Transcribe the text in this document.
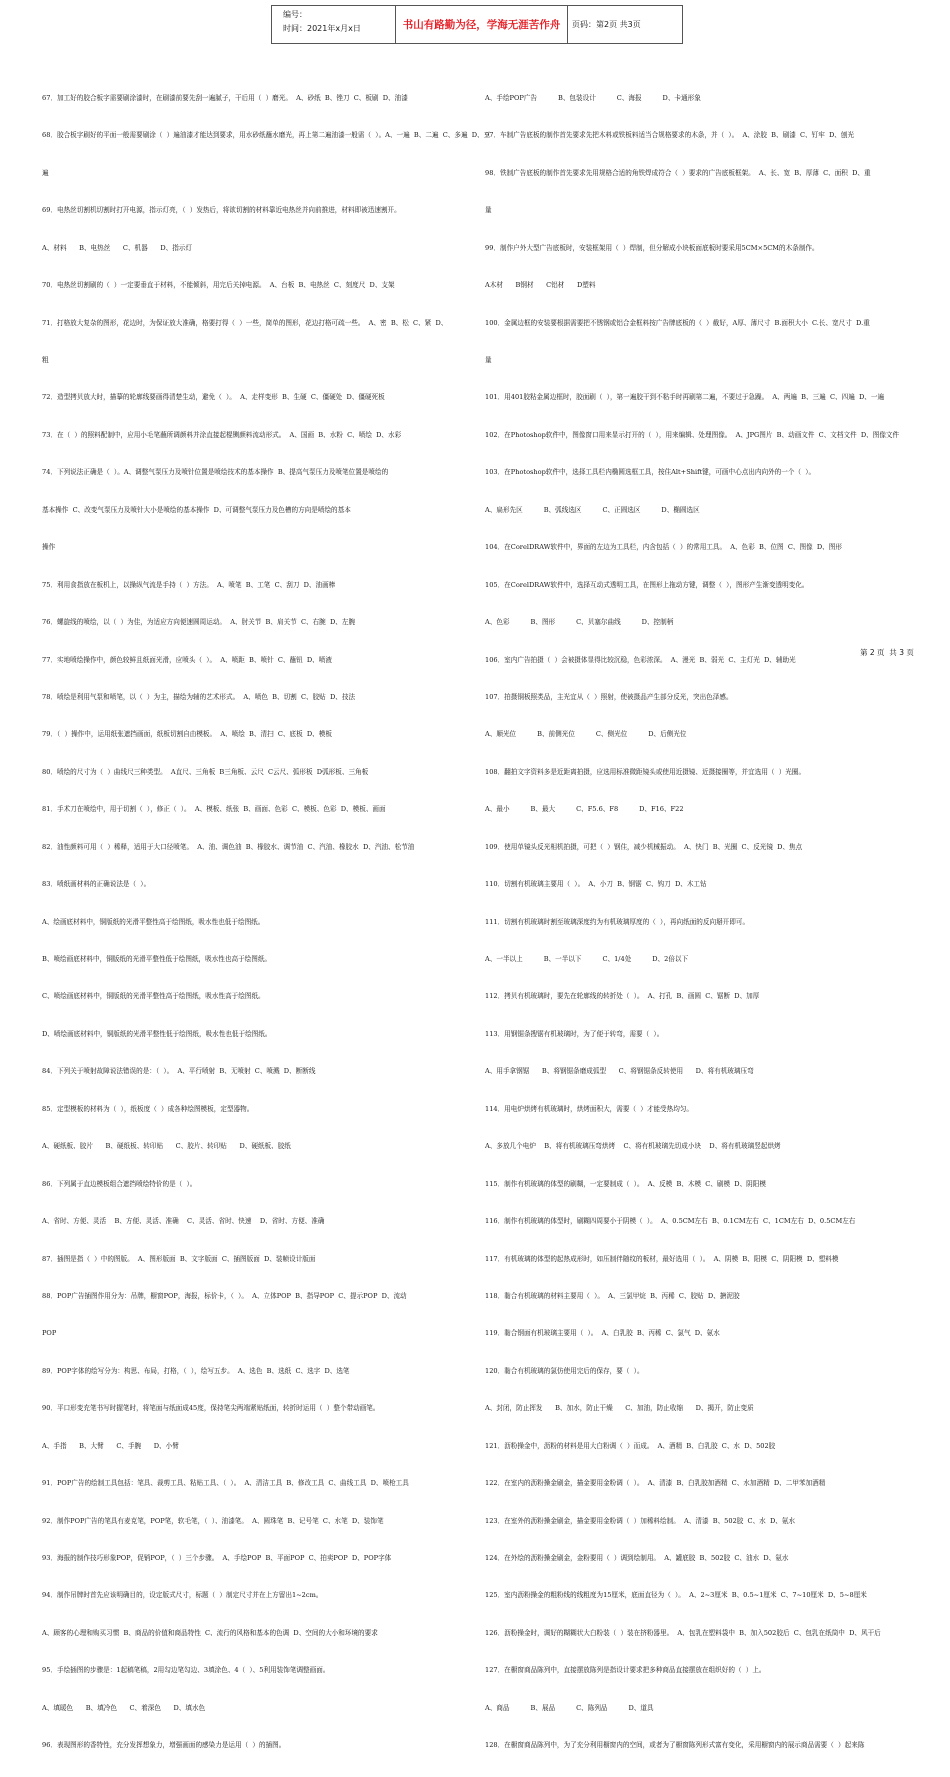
编号：
时间：2021年x月x日	书山有路勤为径，学海无涯苦作舟	页码：第2页 共3页

67．加工好的胶合板字需要刷涂漆时，在刷漆前要先刮一遍腻子，干后用（  ）磨光。  A、砂纸  B、锉刀  C、板刷  D、油漆

68．胶合板字刷好的平面一般需要刷涂（  ）遍油漆才能达到要求，用水砂纸蘸水磨光，再上第二遍油漆一般需（  ）。A、一遍  B、二遍  C、多遍  D、三

遍

69．电热丝切割机切割时打开电源，指示灯亮，（  ）发热后，将欲切割的材料靠近电热丝并向前推进，材料即被迅速割开。

A、材料      B、电热丝      C、机器      D、指示灯

70．电热丝切割刷的（  ）一定要垂直于材料，不能倾斜，用完后关掉电源。  A、台板  B、电热丝  C、刻度尺  D、支架

71．打格放大复杂的图形，花边时，为保证放大准确，格要打得（  ）一些，简单的图形，花边打格可疏一些。  A、密  B、松  C、紧  D、

粗

72．造型拷贝放大时，描摹的轮廓线要画得清楚生动，避免（  ）。  A、走样变形  B、生硬  C、僵硬处  D、僵硬死板

73．在（  ）的照料配制中，应用小毛笔蘸所调颜料并涂直接起棍铡颜料流动形式。  A、国画  B、水粉  C、喷绘  D、水彩

74．下列说法正确是（  ）。A、调整气泵压力及喷针位置是喷绘技术的基本操作  B、提高气泵压力及喷笔位置是喷绘的

基本操作  C、改变气泵压力及喷针大小是喷绘的基本操作  D、可调整气泵压力及色槽的方向是喷绘的基本

操作

75．利用食指放在板机上，以操纵气流是手持（  ）方法。  A、喷笔  B、工笔  C、刮刀  D、油画棒

76．螺旋线的喷绘，以（  ）为佳，为适应方向便速圆周运动。  A、肘关节  B、肩关节  C、右腕  D、左腕

77．实地喷绘操作中，颜色较鲜且纸面光滑，应喷头（  ）。  A、喷距  B、喷针  C、蘸钮  D、喷液

78．喷绘是利用气泵和喷笔，以（  ）为主，描绘为辅的艺术形式。  A、喷色  B、切割  C、胶贴  D、技法

79．（  ）操作中，运用纸张遮挡画面，纸板切割自由模板。  A、喷绘  B、清扫  C、底板  D、模板

80．喷绘的尺寸为（  ）曲线尺三种类型。  A直尺、三角板  B三角板、云尺  C云尺、弧形板  D弧形板、三角板

81．手术刀在喷绘中，用于切割（  ），修正（  ）。  A、模板、纸张  B、画面、色彩  C、模板、色彩  D、模板、画面

82．油性颜料可用（  ）稀释，适用于大口径喷笔。  A、油、调色油  B、橡胶水、调节油  C、汽油、橡胶水  D、汽油、松节油

83．喷纸画材料的正确说法是（  ）。

A、绘画底材料中，铜版纸的光滑平整性高于绘图纸，吸水性也低于绘图纸。

B、喷绘画底材料中，铜版纸的光滑平整性低于绘图纸，吸水性也高于绘图纸。

C、喷绘画底材料中，铜版纸的光滑平整性高于绘图纸，吸水性高于绘图纸。

D、喷绘画底材料中，铜版纸的光滑平整性低于绘图纸，吸水性也低于绘图纸。

84．下列关于喷射故障说法错误的是：（  ）。  A、平行喷射  B、无喷射  C、喷溅  D、断断线

85．定型模板的材料为（  ），纸板度（  ）成各种绘图模板，定型器物。

A、硬纸板、胶片      B、硬纸板、转印贴      C、胶片、转印贴      D、硬纸板、胶纸

86．下列属于直边模板组合遮挡喷绘特价的是（  ）。

A、省时、方便、灵活    B、方便、灵活、准确    C、灵活、省时、快速    D、省时、方便、准确

87．插图是指（  ）中的图版。  A、图形版面  B、文字版面  C、插图版面  D、装帧设计版面

88．POP广告插图作用分为：吊牌，橱窗POP，海报，标价卡，（  ）。  A、立体POP  B、指导POP  C、提示POP  D、流动

POP

89．POP字体的绘写分为：构思、布局，打格，（  ），绘写五步。  A、选色  B、选纸  C、选字  D、选笔

90．平口形变充笔书写时握笔时，将笔面与纸面成45度，保持笔尖两端紧贴纸面，转折时运用（  ）整个带动画笔。

A、手指      B、大臂      C、手腕      D、小臂

91．POP广告的绘制工具包括：笔具、裁剪工具、粘贴工具、（  ）。  A、清洁工具  B、修改工具  C、曲线工具  D、喷枪工具

92．制作POP广告的笔具有麦克笔，POP笔，软毛笔，（  ）、油漆笔。  A、圆珠笔  B、记号笔  C、水笔  D、装饰笔

93．海报的制作技巧形象POP，促销POP，（  ）三个步骤。  A、手绘POP  B、平面POP  C、拍卖POP  D、POP字体

94．制作吊牌时首先应该明确目的，设定版式尺寸，标题（  ）制定尺寸并在上方留出1~2cm。

A、顾客的心理和购买习惯  B、商品的价值和商品特性  C、流行的风格和基本的色调  D、空间的大小和环境的要求

95．手绘插图的步骤是：1起稿笔稿，2用勾边笔勾边、3填涂色、4（  ）、5利用装饰笔调整画面。

A、填暖色      B、填冷色      C、着深色      D、填水色

96．表现图形的香特性，充分发挥想象力，增强画面的感染力是运用（  ）的插图。

A、手绘POP广告          B、包装设计          C、海报          D、卡通形象

97．车制广告底板的制作首先要求先把木料或铁板料适当合规格要求的木条，并（  ）。  A、涂胶  B、刷漆  C、钉牢  D、刨光

98．铁制广告底板的制作首先要求先用规格合适的角铁焊成符合（  ）要求的广告底板框架。  A、长、宽  B、厚薄  C、面积  D、重

量

99．制作户外大型广告底板时，安装框架用（  ）焊制，但分解成小块板面底板时要采用5CM×5CM的木条制作。

A木材      B钢材      C铝材      D塑料

100．金属边框的安装要根据需要把不锈钢或铝合金框料按广告牌底板的（  ）截好，A厚、薄尺寸  B.面积大小  C.长、宽尺寸  D.重

量

101．用401胶粘金属边框时，胶面刷（  ），第一遍胶干到不粘手时再刷第二遍，不要过于急躁。  A、两遍  B、三遍  C、四遍  D、一遍

102．在Photoshop软件中，图像窗口用来显示打开的（  ），用来编辑、处理图像。  A、JPG图片  B、动画文件  C、文档文件  D、图像文件

103．在Photoshop软件中，选择工具栏内椭圆选框工具，按住Alt+Shift键，可画中心点出内向外的一个（  ）。

A、扁形先区          B、弧线选区          C、正圆选区          D、椭圆选区

104．在CorelDRAW软件中，界面的左边为工具栏，内含包括（  ）的常用工具。  A、色彩  B、位图  C、图像  D、图形

105．在CorelDRAW软件中，选择互动式透明工具，在图形上拖动方键，调整（  ），图形产生渐变透明变化。

A、色彩          B、图形          C、贝塞尔曲线          D、控制柄

106．室内广告拍摄（  ）会被摄体显得比较沉稳，色彩浓深。  A、漫光  B、弱光  C、主灯光  D、辅助光

107．拍摄铜板照类品，主光宜从（  ）照射，使被摄品产生部分反光，突出色泽感。

A、顺光位          B、前侧光位          C、侧光位          D、后侧光位

108．翻拍文字资料多是近距离拍摄，应选用标准微距镜头或使用近摄镜、近摄接圈等，并宜选用（  ）光圈。

A、最小          B、最大          C、F5.6、F8          D、F16、F22

109．使用单镜头反光相机拍摄，可把（  ）钢住，减少机械振动。  A、快门  B、光圈  C、反光镜  D、焦点

110．切割有机玻璃主要用（  ）。  A、小刀  B、钢锯  C、钩刀  D、木工钻

111．切割有机玻璃时割至玻璃深度约为有机玻璃厚度的（  ），再向纸面的反向掰开即可。

A、一半以上          B、一半以下          C、1/4处          D、2倍以下

112．拷贝有机玻璃时，要先在轮廓线的转折处（  ）。  A、打孔  B、画圆  C、锯断  D、加厚

113．用钢锯条搜锯有机玻璃时，为了便于转弯，需要（  ）。

A、用手拿钢锯      B、将钢锯条磨成弧型      C、将钢锯条反转使用      D、将有机玻璃压弯

114．用电炉烘烤有机玻璃时，烘烤面积大，需要（  ）才能受热均匀。

A、多放几个电炉    B、将有机玻璃压弯烘烤    C、将有机玻璃先切成小块    D、将有机玻璃竖起烘烤

115．制作有机玻璃的体型的刷糊，一定要制成（  ）。  A、反模  B、木模  C、刷模  D、阴阳模

116．制作有机玻璃的体型时，刷糊四周要小于阴模（  ）。  A、0.5CM左右  B、0.1CM左右  C、1CM左右  D、0.5CM左右

117．有机玻璃的体型的起热成形时，如压制伴随纹的板材，最好选用（  ）。  A、阴模  B、阳模  C、阴阳模  D、塑料模

118．黏合有机玻璃的材料主要用（  ）。  A、三氯甲烷  B、丙稀  C、胶贴  D、搪泥胶

119．黏合钢面有机玻璃主要用（  ）。  A、白乳胶  B、丙稀  C、氯气  D、氨水

120．黏合有机玻璃的氯仿使用完后的保存，要（  ）。

A、封闭，防止挥发      B、加水，防止干燥      C、加油，防止收缩      D、揭开，防止变质

121．沥粉操金中，沥粉的材料是用大白粉调（  ）而成。  A、酒精  B、白乳胶  C、水  D、502胶

122．在室内的沥粉操金刷金，描金要用金粉调（  ）。  A、清漆  B、白乳胶加酒精  C、水加酒精  D、二甲苯加酒精

123．在室外的沥粉操金刷金，描金要用金粉调（  ）加稀料绘制。  A、清漆  B、502胶  C、水  D、氨水

124．在外绘的沥粉操金刷金，金粉要用（  ）调到绘制用。  A、罐底胶  B、502胶  C、油水  D、氨水

125．室内沥粉操金的粗粉线的线粗度为15厘米，底面直径为（  ）。  A、2~3厘米  B、0.5~1厘米  C、7~10厘米  D、5~8厘米

126．沥粉操金时，调好的糊糊状大白粉装（  ）装在挤粉器里。  A、包乳在塑料袋中  B、加入502胶后  C、包乳在纸筒中  D、风干后

127．在橱窗商品陈列中，直接摆放陈列是指设计要求把多种商品直接摆放在组织好的（  ）上。

A、商品          B、展品          C、陈列品          D、道具

128．在橱窗商品陈列中，为了充分利用橱窗内的空间，或者为了橱窗陈列形式富有变化，采用橱窗内的展示商品需要（  ）起来陈

第 2 页  共 3 页
